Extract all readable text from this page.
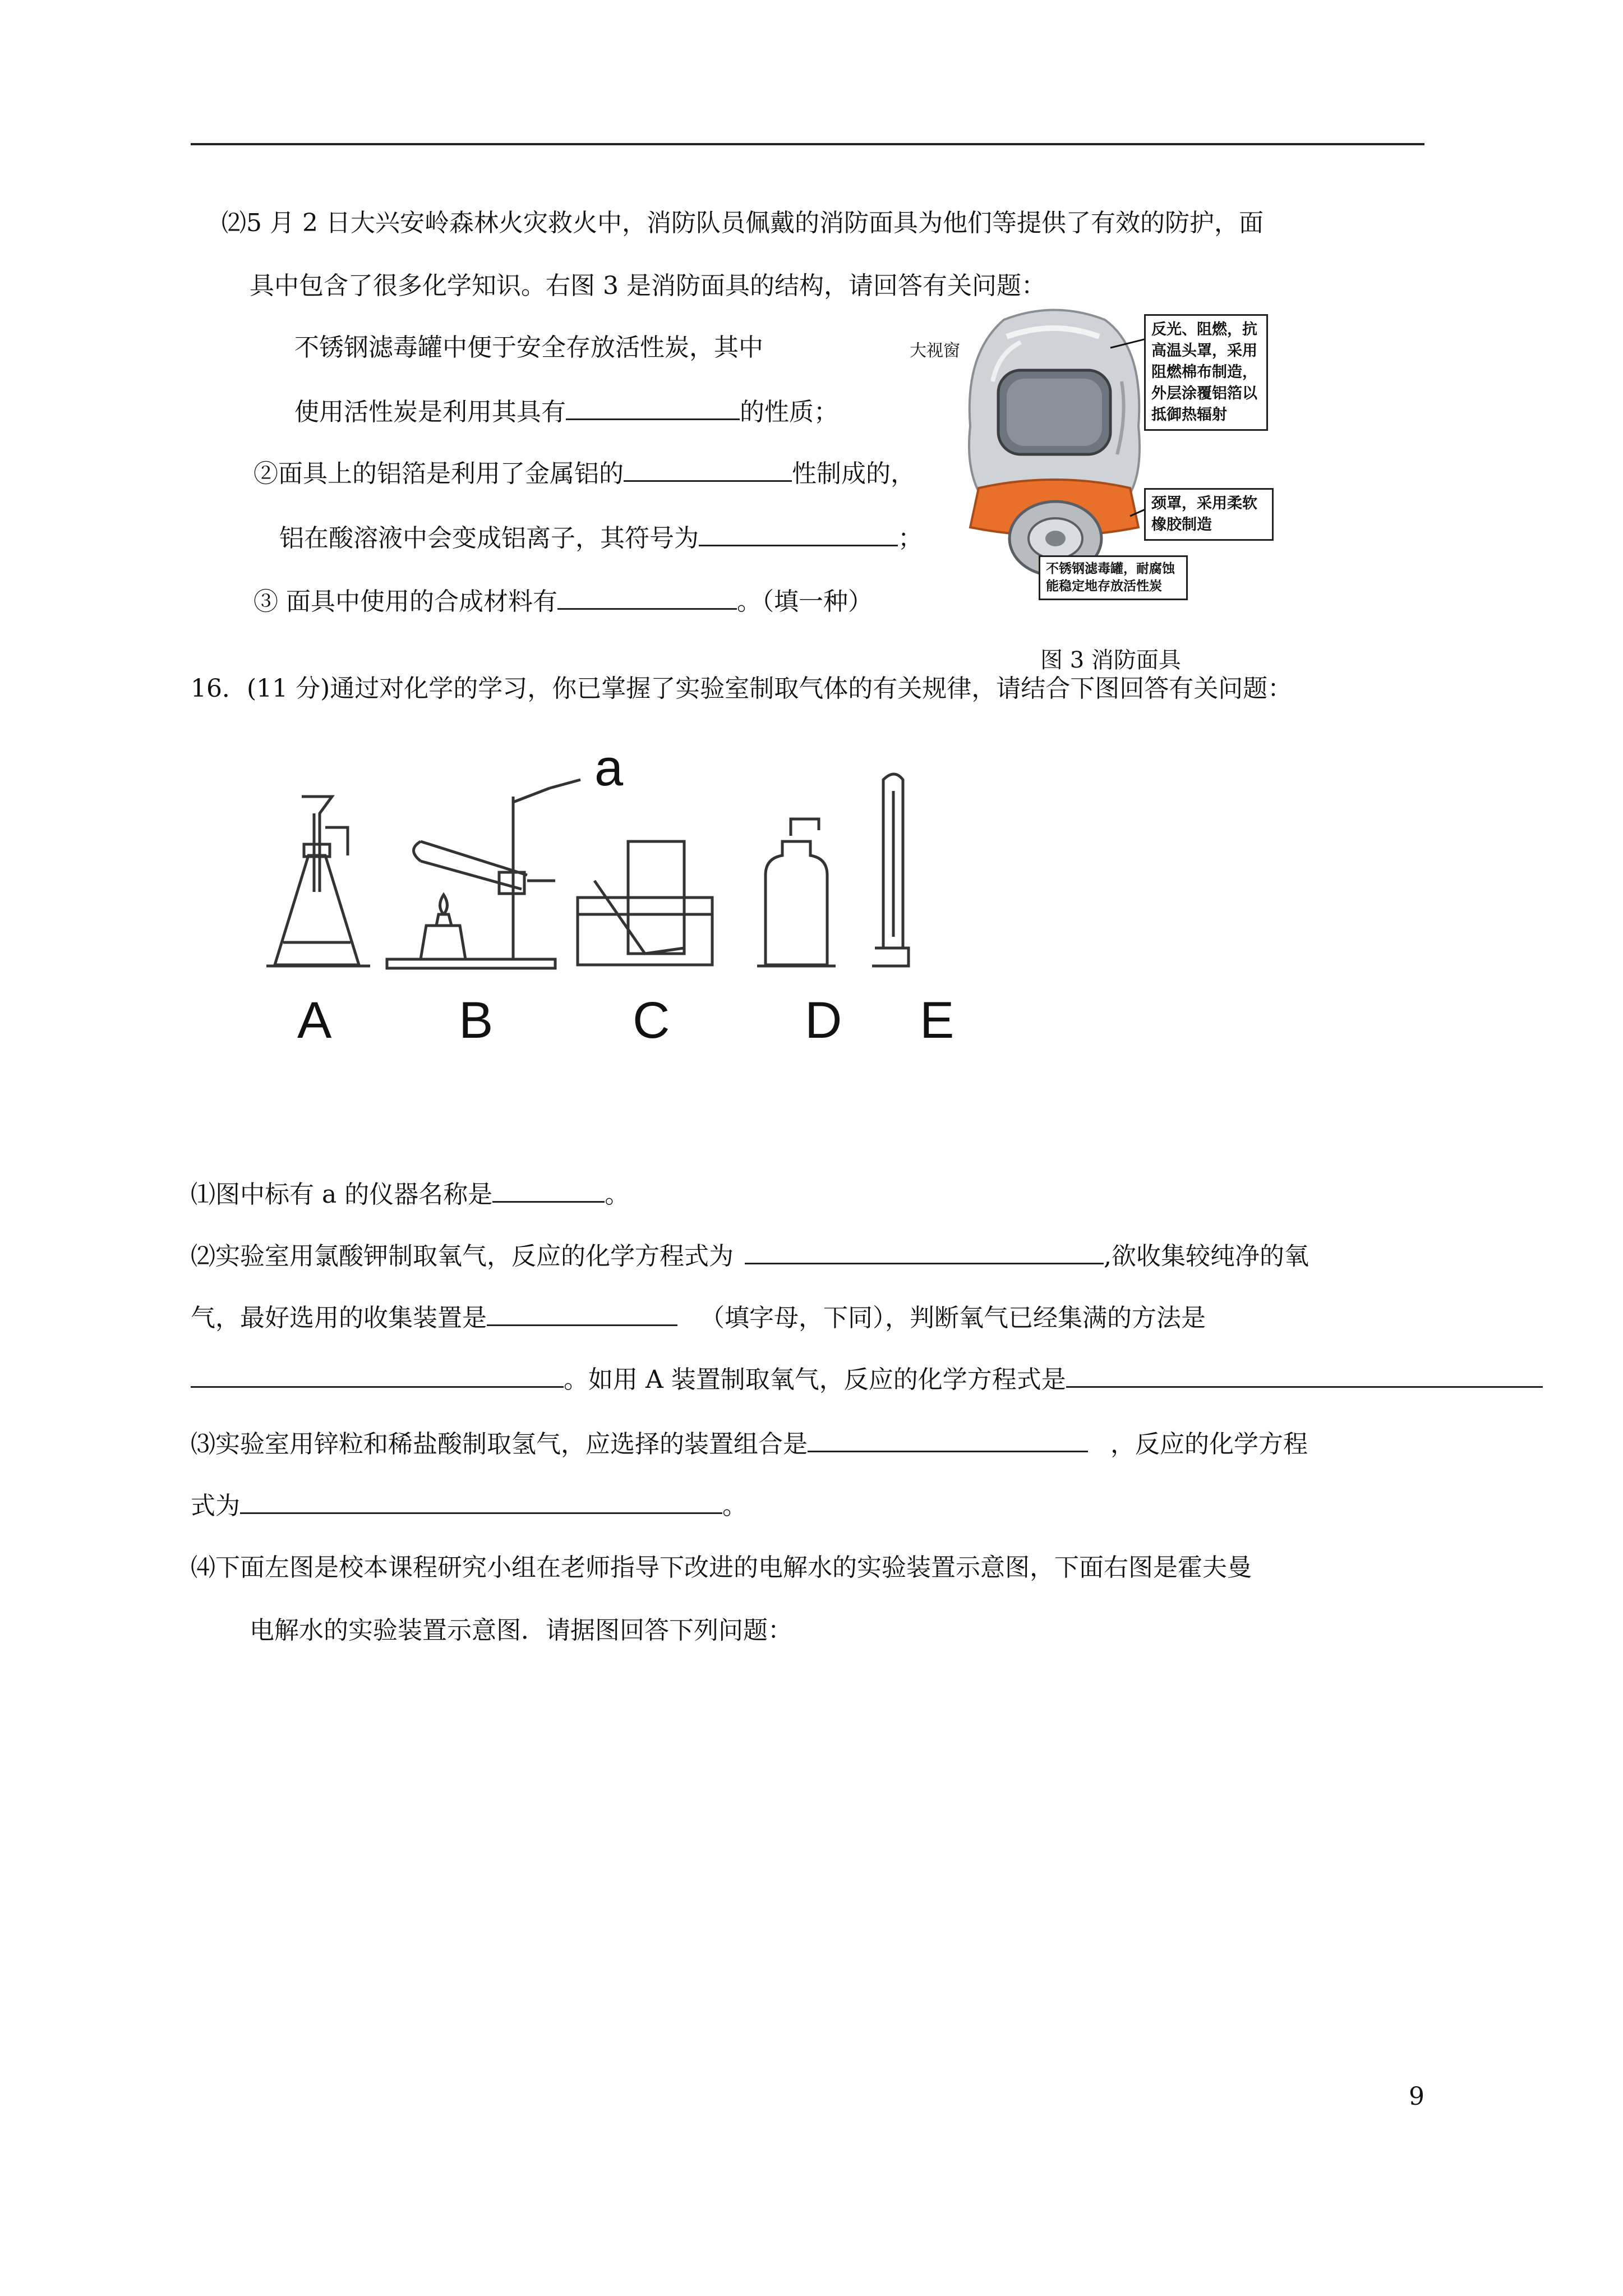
⑵5 月 2 日大兴安岭森林火灾救火中，消防队员佩戴的消防面具为他们等提供了有效的防护，面
具中包含了很多化学知识。右图 3 是消防面具的结构，请回答有关问题：
不锈钢滤毒罐中便于安全存放活性炭，其中
使用活性炭是利用其具有	的性质；
②面具上的铝箔是利用了金属铝的	性制成的，
铝在酸溶液中会变成铝离子，其符号为	；
③ 面具中使用的合成材料有	。（填一种）
大视窗
反光、阻燃，抗高温头罩，采用阻燃棉布制造，外层涂覆铝箔以抵御热辐射
颈罩，采用柔软橡胶制造
不锈钢滤毒罐，耐腐蚀能稳定地存放活性炭
图 3 消防面具
16．(11 分)通过对化学的学习，你已掌握了实验室制取气体的有关规律，请结合下图回答有关问题：
a
A B	C	D E
⑴图中标有 a 的仪器名称是	。
⑵实验室用氯酸钾制取氧气，反应的化学方程式为	,欲收集较纯净的氧
气，最好选用的收集装置是	（填字母，下同），判断氧气已经集满的方法是
。如用 A 装置制取氧气，反应的化学方程式是
⑶实验室用锌粒和稀盐酸制取氢气，应选择的装置组合是	，反应的化学方程
式为	。
⑷下面左图是校本课程研究小组在老师指导下改进的电解水的实验装置示意图，下面右图是霍夫曼
电解水的实验装置示意图．请据图回答下列问题：
9
